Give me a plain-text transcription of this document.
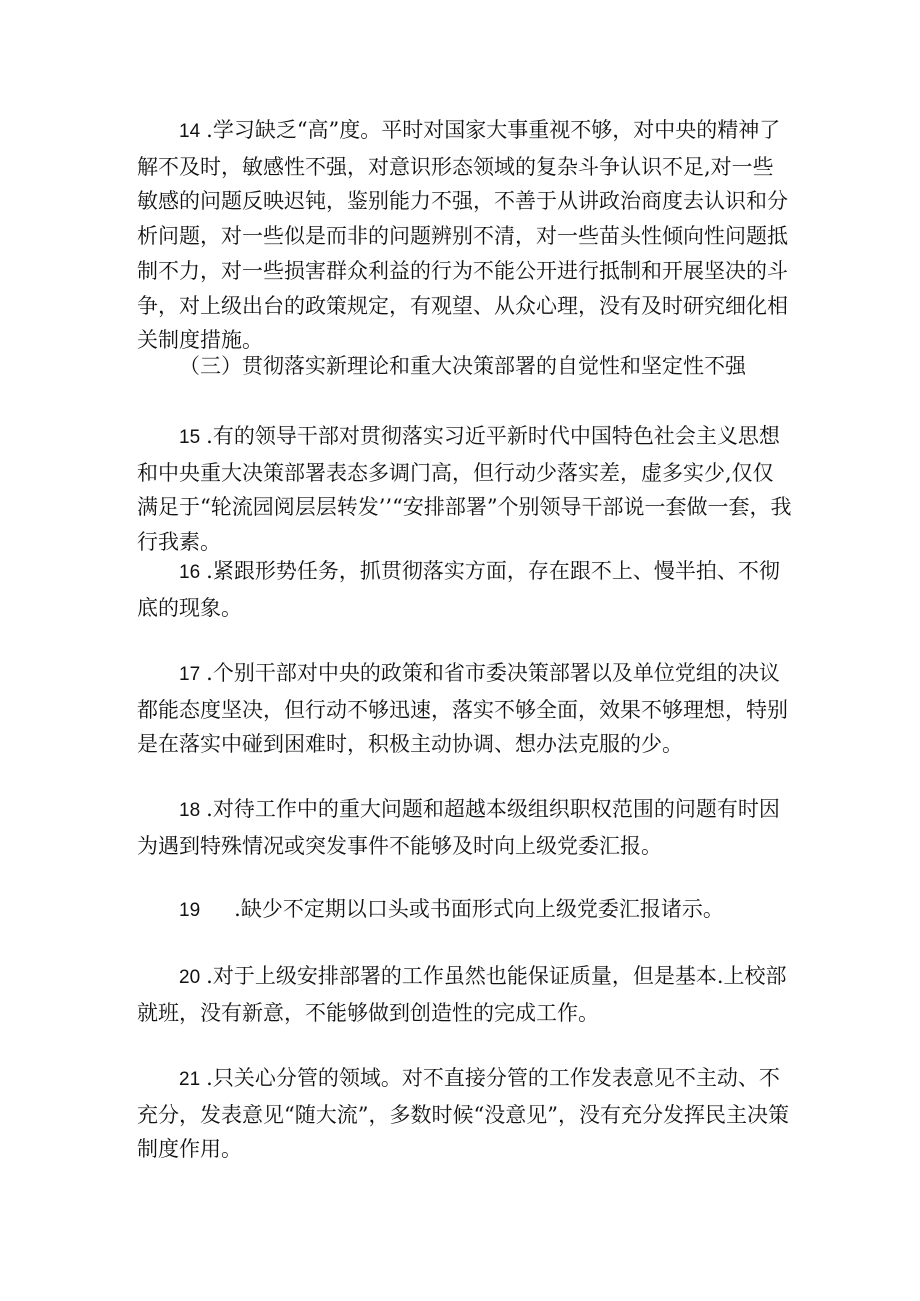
14 .学习缺乏“高”度。平时对国家大事重视不够，对中央的精神了解不及时，敏感性不强，对意识形态领域的复杂斗争认识不足,对一些敏感的问题反映迟钝，鉴别能力不强，不善于从讲政治商度去认识和分析问题，对一些似是而非的问题辨别不清，对一些苗头性倾向性问题抵制不力，对一些损害群众利益的行为不能公开进行抵制和开展坚决的斗争，对上级出台的政策规定，有观望、从众心理，没有及时研究细化相关制度措施。

（三）贯彻落实新理论和重大决策部署的自觉性和坚定性不强

15 .有的领导干部对贯彻落实习近平新时代中国特色社会主义思想和中央重大决策部署表态多调门高，但行动少落实差，虚多实少,仅仅满足于“轮流园阅层层转发’’“安排部署”个别领导干部说一套做一套，我行我素。

16 .紧跟形势任务，抓贯彻落实方面，存在跟不上、慢半拍、不彻底的现象。

17 .个别干部对中央的政策和省市委决策部署以及单位党组的决议都能态度坚决，但行动不够迅速，落实不够全面，效果不够理想，特别是在落实中碰到困难时，积极主动协调、想办法克服的少。

18 .对待工作中的重大问题和超越本级组织职权范围的问题有时因为遇到特殊情况或突发事件不能够及时向上级党委汇报。

19 .缺少不定期以口头或书面形式向上级党委汇报诸示。

20 .对于上级安排部署的工作虽然也能保证质量，但是基本.上校部就班，没有新意，不能够做到创造性的完成工作。

21 .只关心分管的领域。对不直接分管的工作发表意见不主动、不充分，发表意见“随大流”，多数时候“没意见”，没有充分发挥民主决策制度作用。
